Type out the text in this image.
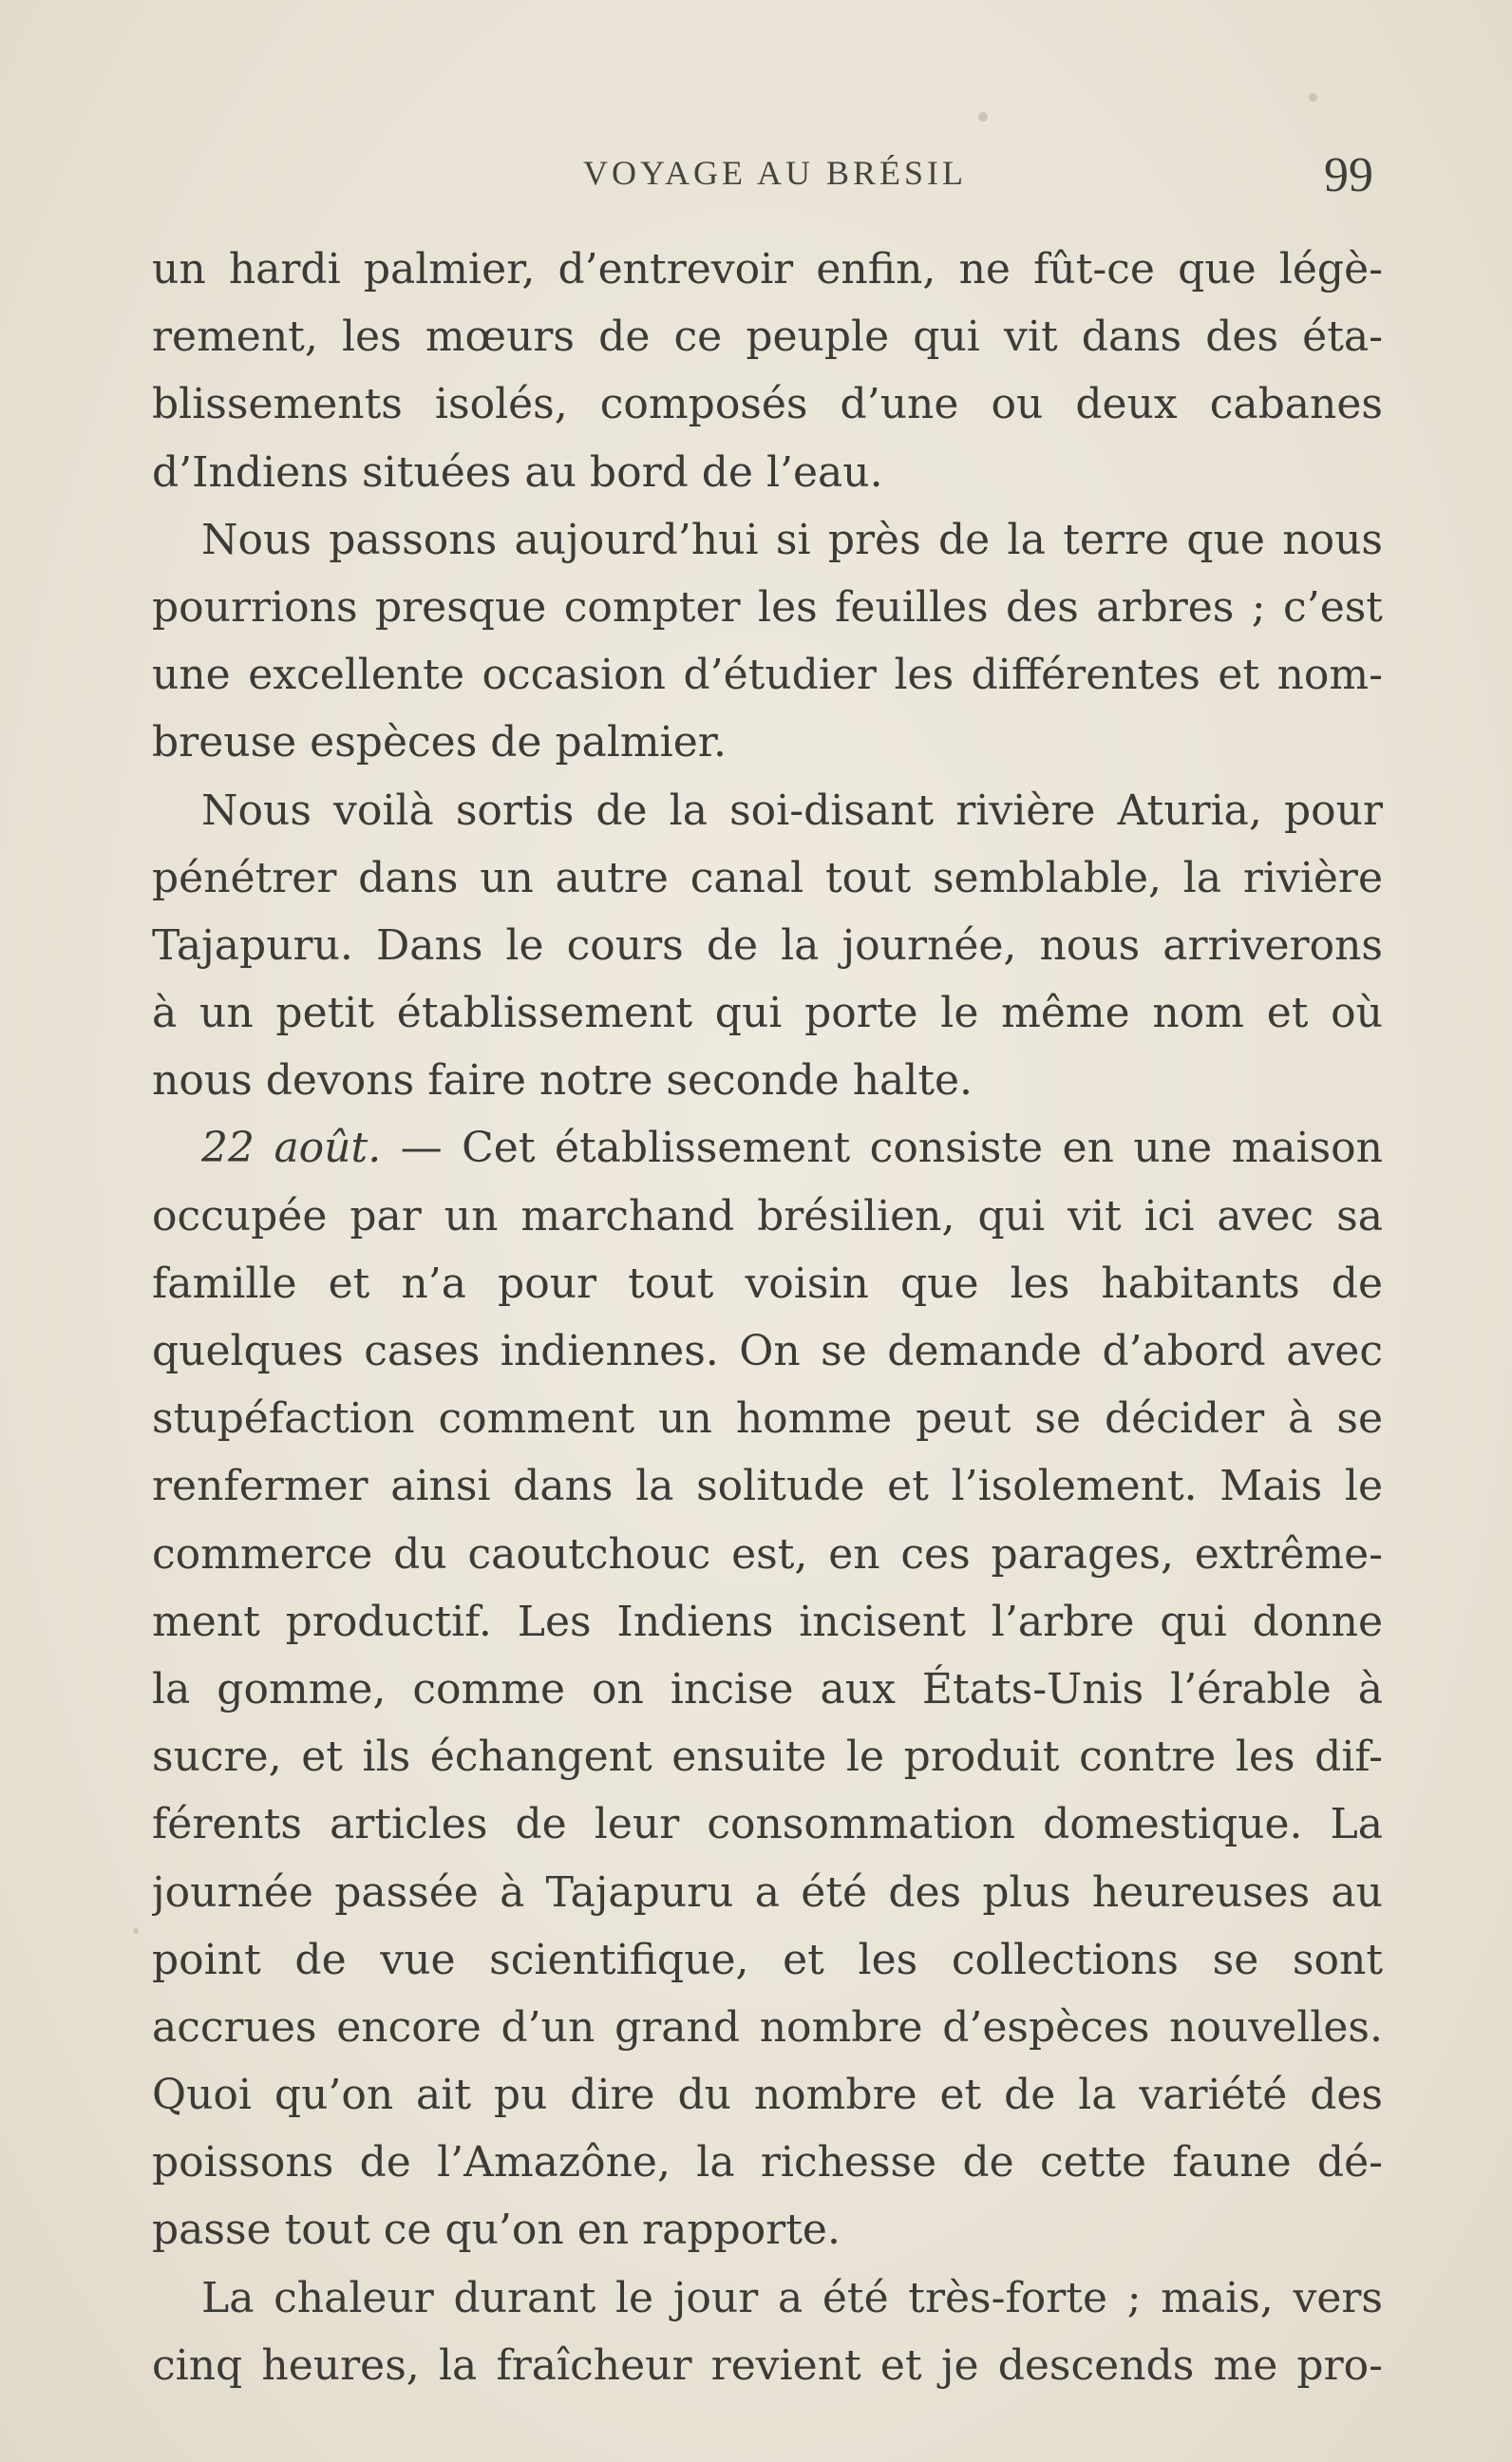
VOYAGE AU BRÉSIL	99
un hardi palmier, d’entrevoir enfin, ne fût-ce que légè-
rement, les mœurs de ce peuple qui vit dans des éta-
blissements isolés, composés d’une ou deux cabanes
d’Indiens situées au bord de l’eau.
Nous passons aujourd’hui si près de la terre que nous
pourrions presque compter les feuilles des arbres ; c’est
une excellente occasion d’étudier les différentes et nom-
breuse espèces de palmier.
Nous voilà sortis de la soi-disant rivière Aturia, pour
pénétrer dans un autre canal tout semblable, la rivière
Tajapuru. Dans le cours de la journée, nous arriverons
à un petit établissement qui porte le même nom et où
nous devons faire notre seconde halte.
22 août. — Cet établissement consiste en une maison
occupée par un marchand brésilien, qui vit ici avec sa
famille et n’a pour tout voisin que les habitants de
quelques cases indiennes. On se demande d’abord avec
stupéfaction comment un homme peut se décider à se
renfermer ainsi dans la solitude et l’isolement. Mais le
commerce du caoutchouc est, en ces parages, extrême-
ment productif. Les Indiens incisent l’arbre qui donne
la gomme, comme on incise aux États-Unis l’érable à
sucre, et ils échangent ensuite le produit contre les dif-
férents articles de leur consommation domestique. La
journée passée à Tajapuru a été des plus heureuses au
point de vue scientifique, et les collections se sont
accrues encore d’un grand nombre d’espèces nouvelles.
Quoi qu’on ait pu dire du nombre et de la variété des
poissons de l’Amazône, la richesse de cette faune dé-
passe tout ce qu’on en rapporte.
La chaleur durant le jour a été très-forte ; mais, vers
cinq heures, la fraîcheur revient et je descends me pro-
